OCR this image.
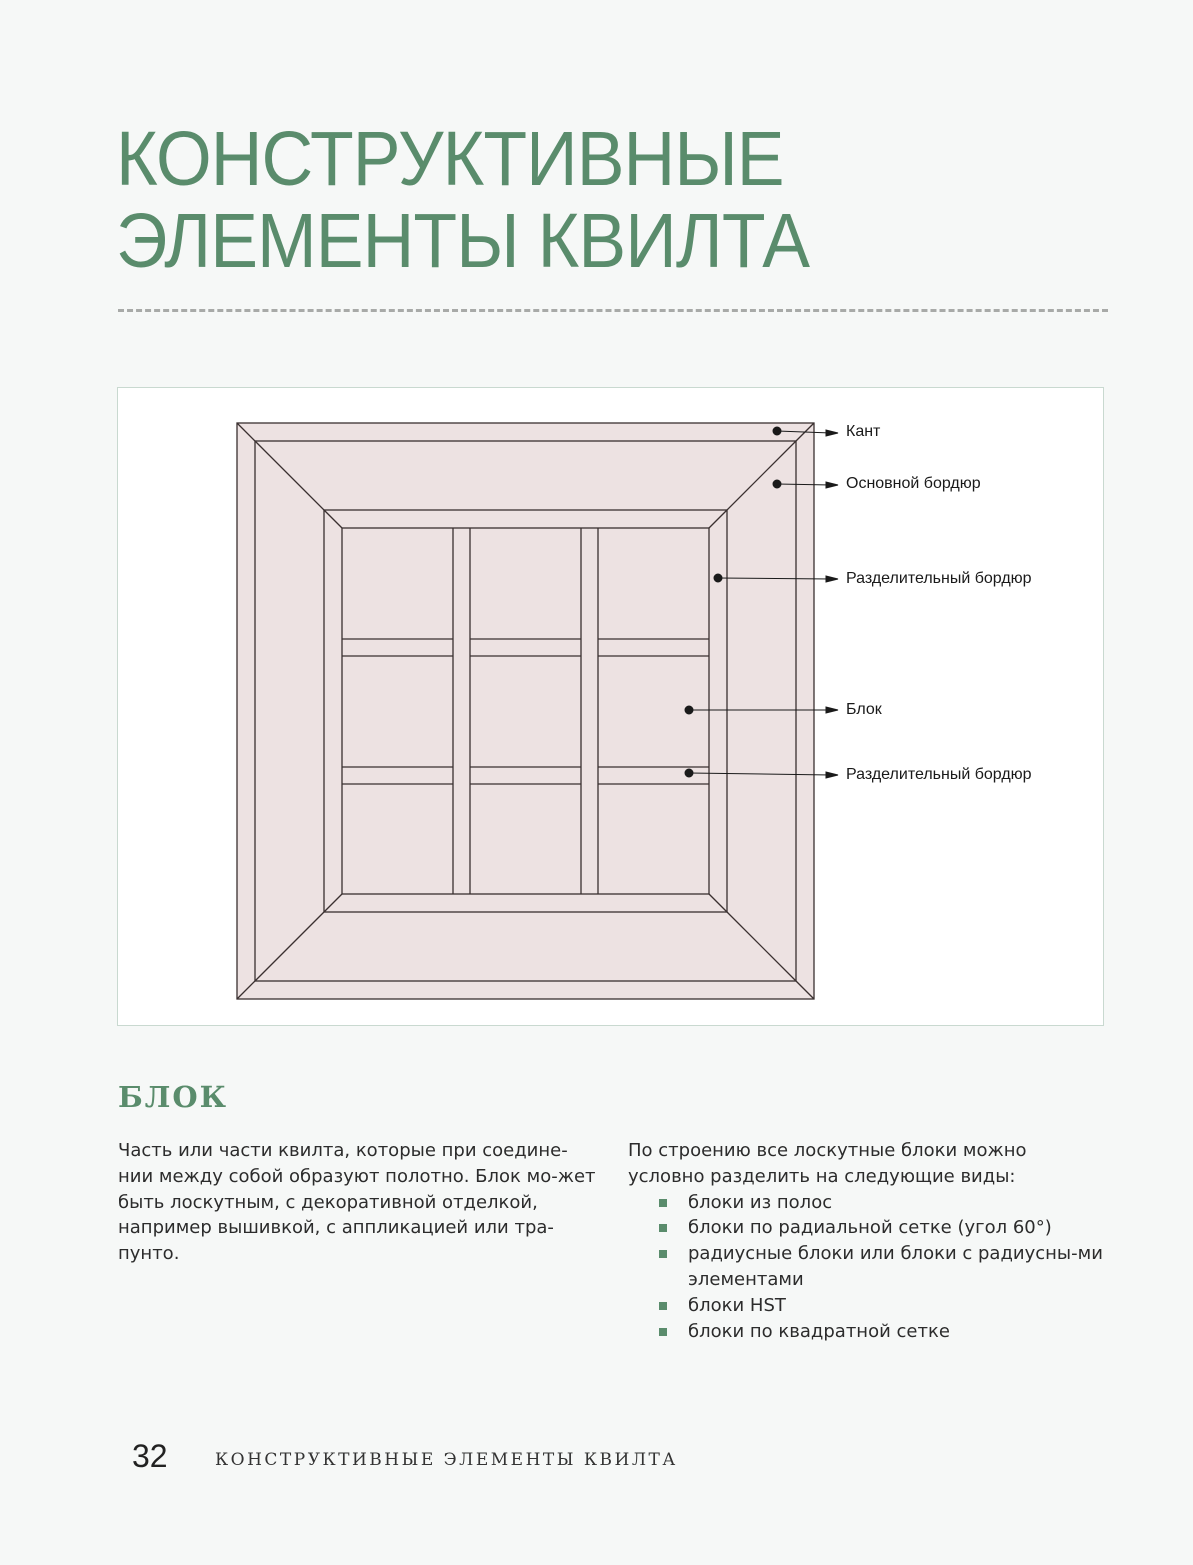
КОНСТРУКТИВНЫЕ
ЭЛЕМЕНТЫ КВИЛТА
Кант
Основной бордюр
Разделительный бордюр
Блок
Разделительный бордюр
БЛОК

Часть или части квилта, которые при соедине-нии между собой образуют полотно. Блок мо-жет быть лоскутным, с декоративной отделкой, например вышивкой, с аппликацией или тра-пунто.

По строению все лоскутные блоки можно условно разделить на следующие виды:

блоки из полос
блоки по радиальной сетке (угол 60°)
радиусные блоки или блоки с радиусны-ми элементами
блоки HST
блоки по квадратной сетке
32	КОНСТРУКТИВНЫЕ ЭЛЕМЕНТЫ КВИЛТА
